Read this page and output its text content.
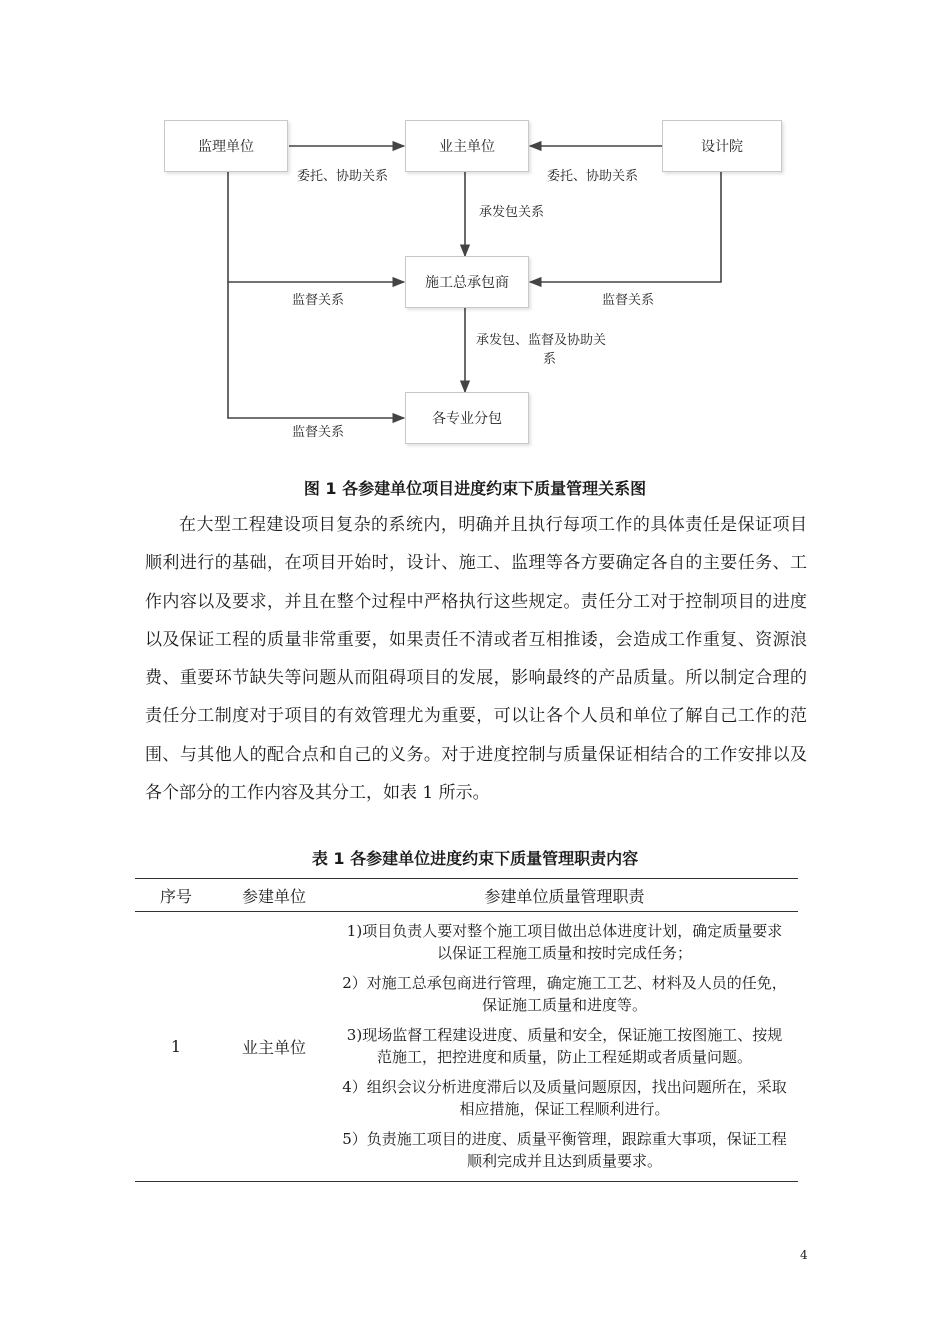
监理单位	业主单位	设计院
施工总承包商
各专业分包
委托、协助关系	委托、协助关系
承发包关系
监督关系	监督关系
承发包、监督及协助关
系
监督关系
图 1 各参建单位项目进度约束下质量管理关系图

在大型工程建设项目复杂的系统内，明确并且执行每项工作的具体责任是保证项目顺利进行的基础，在项目开始时，设计、施工、监理等各方要确定各自的主要任务、工作内容以及要求，并且在整个过程中严格执行这些规定。责任分工对于控制项目的进度以及保证工程的质量非常重要，如果责任不清或者互相推诿，会造成工作重复、资源浪费、重要环节缺失等问题从而阻碍项目的发展，影响最终的产品质量。所以制定合理的责任分工制度对于项目的有效管理尤为重要，可以让各个人员和单位了解自己工作的范围、与其他人的配合点和自己的义务。对于进度控制与质量保证相结合的工作安排以及各个部分的工作内容及其分工，如表 1 所示。

表 1 各参建单位进度约束下质量管理职责内容
序号	参建单位	参建单位质量管理职责
1	业主单位	1)项目负责人要对整个施工项目做出总体进度计划，确定质量要求以保证工程施工质量和按时完成任务；
2）对施工总承包商进行管理，确定施工工艺、材料及人员的任免，保证施工质量和进度等。
3)现场监督工程建设进度、质量和安全，保证施工按图施工、按规范施工，把控进度和质量，防止工程延期或者质量问题。
4）组织会议分析进度滞后以及质量问题原因，找出问题所在，采取相应措施，保证工程顺利进行。
5）负责施工项目的进度、质量平衡管理，跟踪重大事项，保证工程顺利完成并且达到质量要求。
4
